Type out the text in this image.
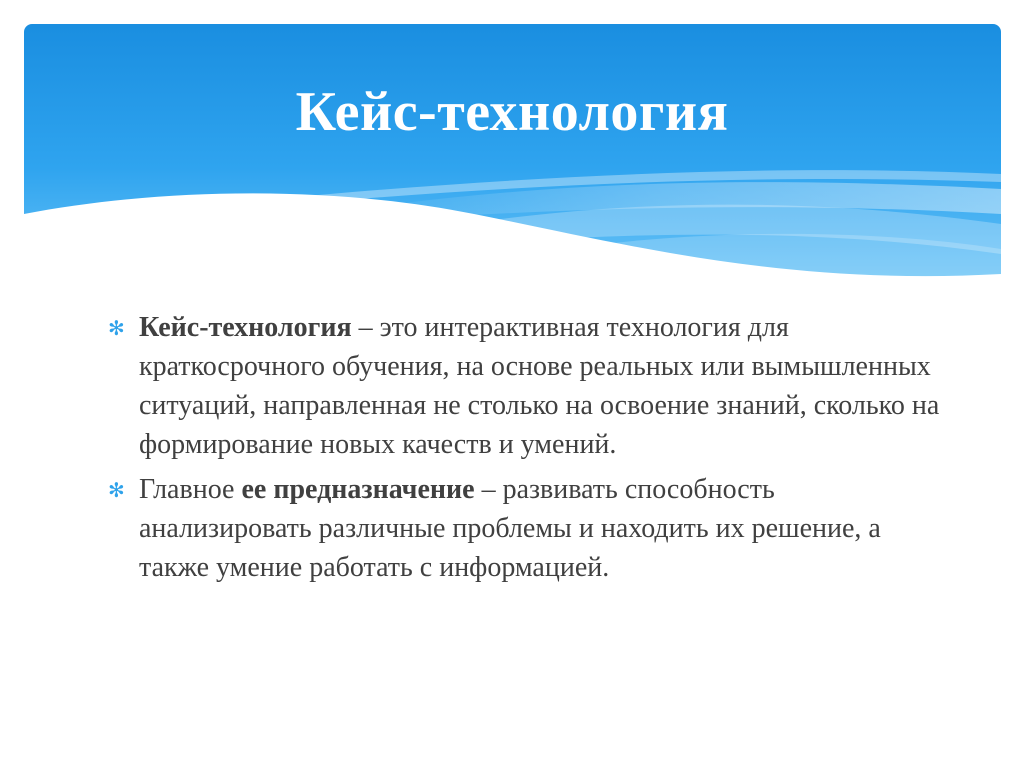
Кейс-технология
✻ Кейс-технология – это интерактивная технология для краткосрочного обучения, на основе реальных или вымышленных ситуаций, направленная не столько на освоение знаний, сколько на формирование новых качеств и умений.
✻ Главное ее предназначение – развивать способность анализировать различные проблемы и находить их решение, а также умение работать с информацией.
